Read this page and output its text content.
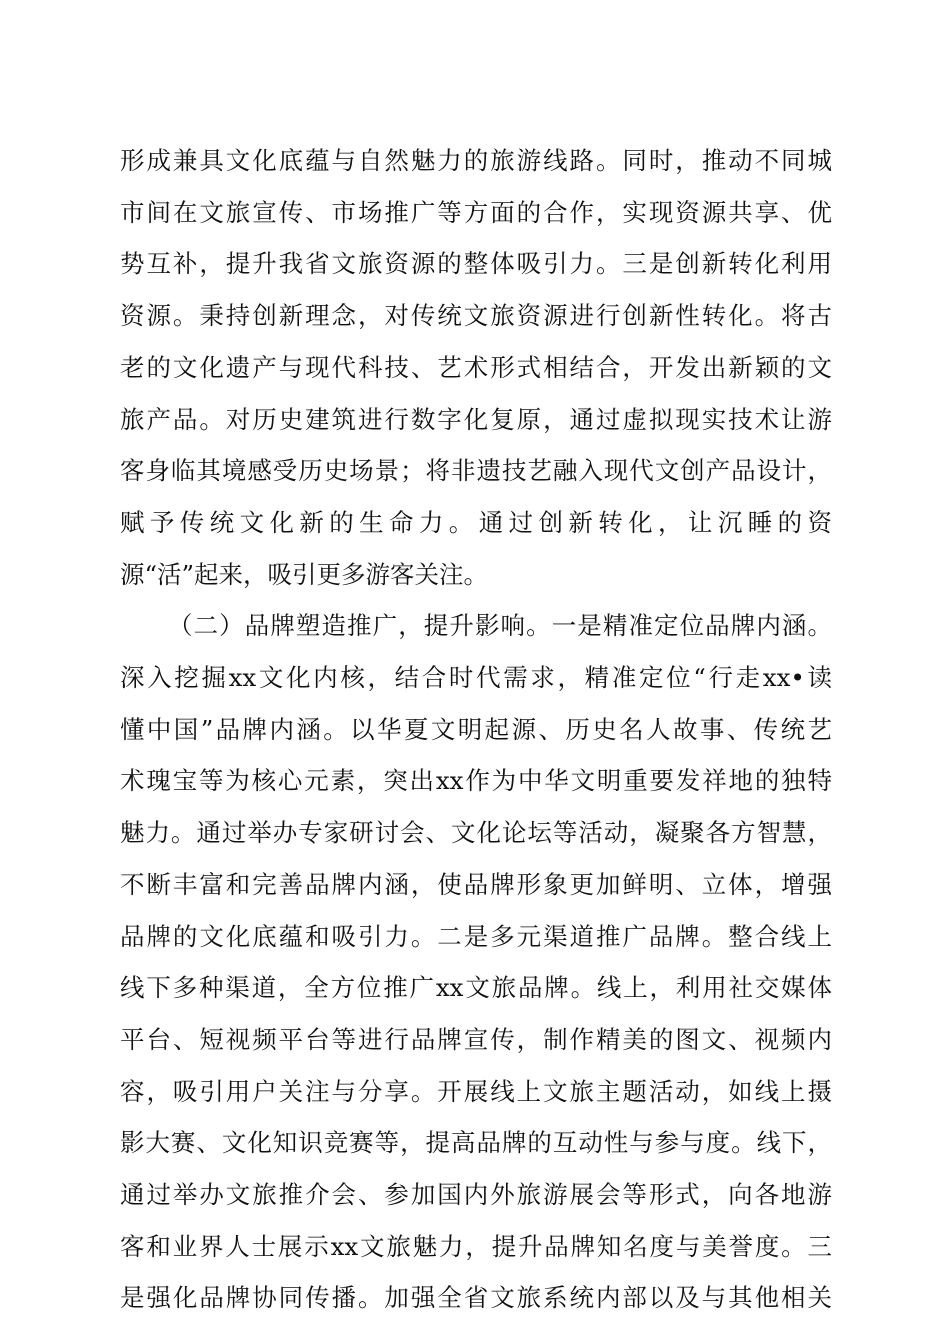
形成兼具文化底蕴与自然魅力的旅游线路。同时，推动不同城
市间在文旅宣传、市场推广等方面的合作，实现资源共享、优
势互补，提升我省文旅资源的整体吸引力。三是创新转化利用
资源。秉持创新理念，对传统文旅资源进行创新性转化。将古
老的文化遗产与现代科技、艺术形式相结合，开发出新颖的文
旅产品。对历史建筑进行数字化复原，通过虚拟现实技术让游
客身临其境感受历史场景；将非遗技艺融入现代文创产品设计，
赋予传统文化新的生命力。通过创新转化，让沉睡的资
源“活”起来，吸引更多游客关注。
（二）品牌塑造推广，提升影响。一是精准定位品牌内涵。
深入挖掘xx文化内核，结合时代需求，精准定位“行走xx•读
懂中国”品牌内涵。以华夏文明起源、历史名人故事、传统艺
术瑰宝等为核心元素，突出xx作为中华文明重要发祥地的独特
魅力。通过举办专家研讨会、文化论坛等活动，凝聚各方智慧，
不断丰富和完善品牌内涵，使品牌形象更加鲜明、立体，增强
品牌的文化底蕴和吸引力。二是多元渠道推广品牌。整合线上
线下多种渠道，全方位推广xx文旅品牌。线上，利用社交媒体
平台、短视频平台等进行品牌宣传，制作精美的图文、视频内
容，吸引用户关注与分享。开展线上文旅主题活动，如线上摄
影大赛、文化知识竞赛等，提高品牌的互动性与参与度。线下，
通过举办文旅推介会、参加国内外旅游展会等形式，向各地游
客和业界人士展示xx文旅魅力，提升品牌知名度与美誉度。三
是强化品牌协同传播。加强全省文旅系统内部以及与其他相关
